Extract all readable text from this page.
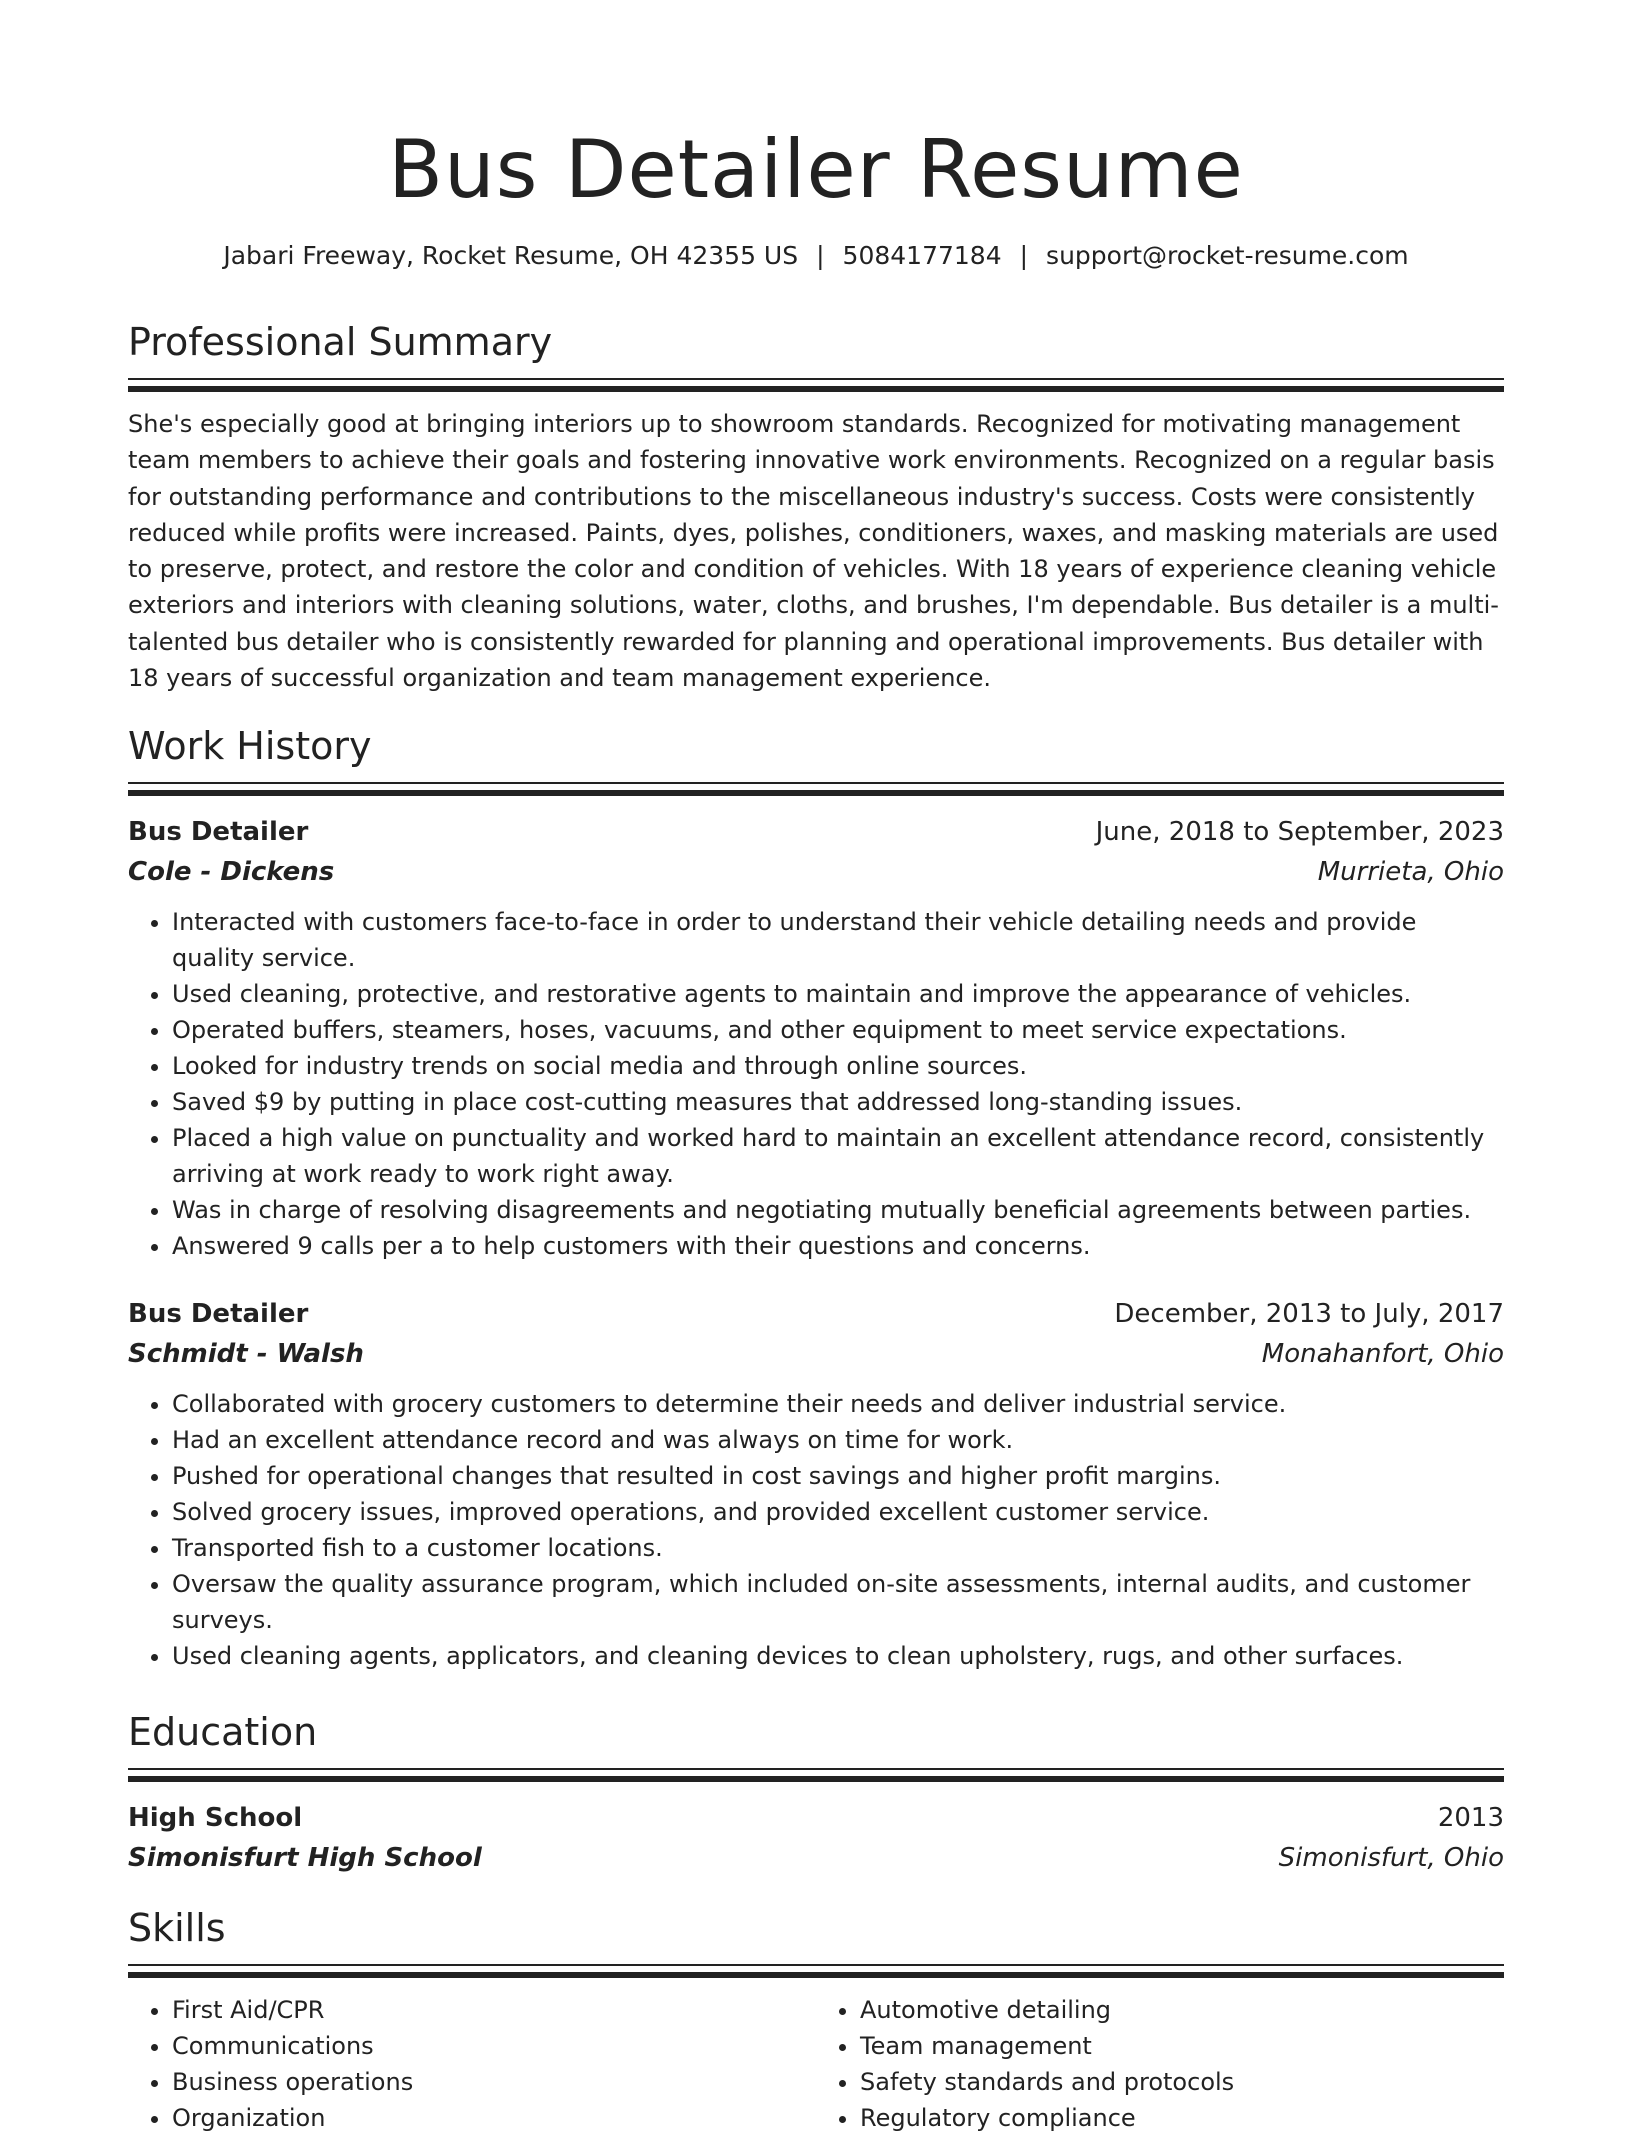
Bus Detailer Resume
Jabari Freeway, Rocket Resume, OH 42355 US | 5084177184 | support@rocket-resume.com
Professional Summary
She's especially good at bringing interiors up to showroom standards. Recognized for motivating management team members to achieve their goals and fostering innovative work environments. Recognized on a regular basis for outstanding performance and contributions to the miscellaneous industry's success. Costs were consistently reduced while profits were increased. Paints, dyes, polishes, conditioners, waxes, and masking materials are used to preserve, protect, and restore the color and condition of vehicles. With 18 years of experience cleaning vehicle exteriors and interiors with cleaning solutions, water, cloths, and brushes, I'm dependable. Bus detailer is a multi-talented bus detailer who is consistently rewarded for planning and operational improvements. Bus detailer with 18 years of successful organization and team management experience.
Work History
Bus Detailer	June, 2018 to September, 2023
Cole - Dickens	Murrieta, Ohio
• Interacted with customers face-to-face in order to understand their vehicle detailing needs and provide quality service.
• Used cleaning, protective, and restorative agents to maintain and improve the appearance of vehicles.
• Operated buffers, steamers, hoses, vacuums, and other equipment to meet service expectations.
• Looked for industry trends on social media and through online sources.
• Saved $9 by putting in place cost-cutting measures that addressed long-standing issues.
• Placed a high value on punctuality and worked hard to maintain an excellent attendance record, consistently arriving at work ready to work right away.
• Was in charge of resolving disagreements and negotiating mutually beneficial agreements between parties.
• Answered 9 calls per a to help customers with their questions and concerns.
Bus Detailer	December, 2013 to July, 2017
Schmidt - Walsh	Monahanfort, Ohio
• Collaborated with grocery customers to determine their needs and deliver industrial service.
• Had an excellent attendance record and was always on time for work.
• Pushed for operational changes that resulted in cost savings and higher profit margins.
• Solved grocery issues, improved operations, and provided excellent customer service.
• Transported fish to a customer locations.
• Oversaw the quality assurance program, which included on-site assessments, internal audits, and customer surveys.
• Used cleaning agents, applicators, and cleaning devices to clean upholstery, rugs, and other surfaces.
Education
High School	2013
Simonisfurt High School	Simonisfurt, Ohio
Skills
• First Aid/CPR
• Communications
• Business operations
• Organization
• Automotive detailing
• Team management
• Safety standards and protocols
• Regulatory compliance
